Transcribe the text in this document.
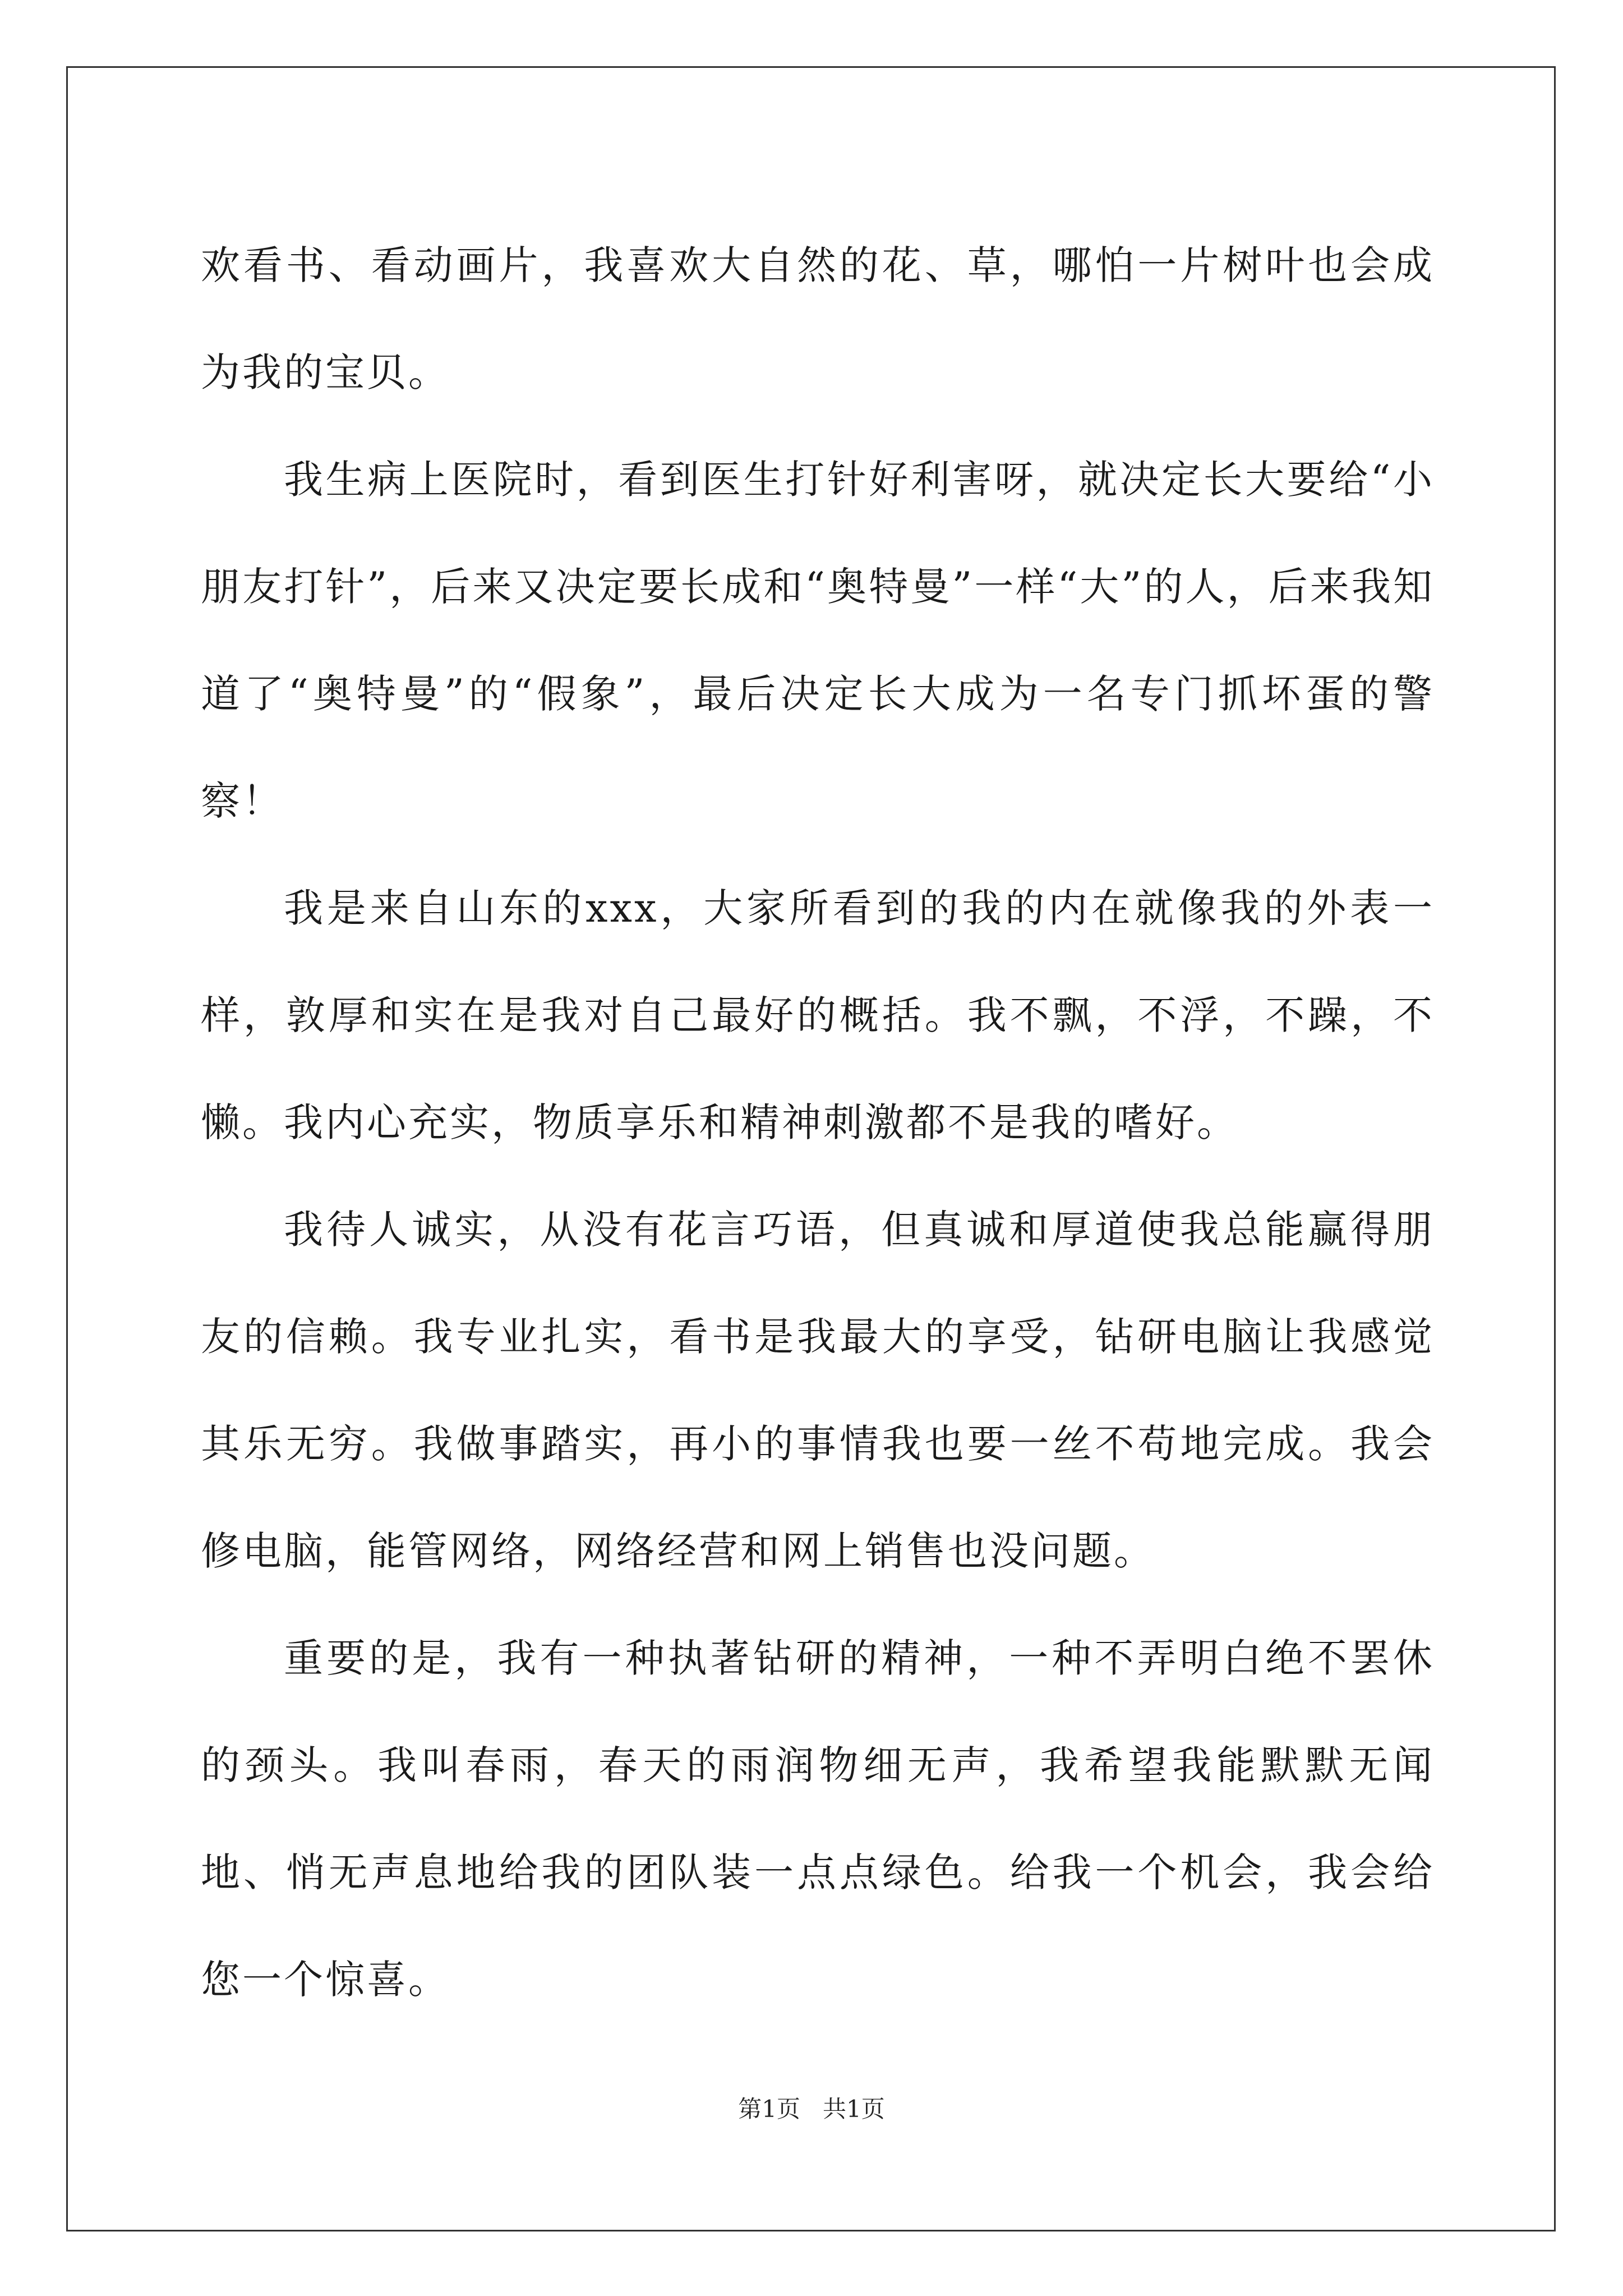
欢看书、看动画片，我喜欢大自然的花、草，哪怕一片树叶也会成为我的宝贝。

我生病上医院时，看到医生打针好利害呀，就决定长大要给“小朋友打针”，后来又决定要长成和“奥特曼”一样“大”的人，后来我知道了“奥特曼”的“假象”，最后决定长大成为一名专门抓坏蛋的警察！

我是来自山东的xxx，大家所看到的我的内在就像我的外表一样，敦厚和实在是我对自己最好的概括。我不飘，不浮，不躁，不懒。我内心充实，物质享乐和精神刺激都不是我的嗜好。

我待人诚实，从没有花言巧语，但真诚和厚道使我总能赢得朋友的信赖。我专业扎实，看书是我最大的享受，钻研电脑让我感觉其乐无穷。我做事踏实，再小的事情我也要一丝不苟地完成。我会修电脑，能管网络，网络经营和网上销售也没问题。

重要的是，我有一种执著钻研的精神，一种不弄明白绝不罢休的颈头。我叫春雨，春天的雨润物细无声，我希望我能默默无闻地、悄无声息地给我的团队装一点点绿色。给我一个机会，我会给您一个惊喜。

第1页 共1页
